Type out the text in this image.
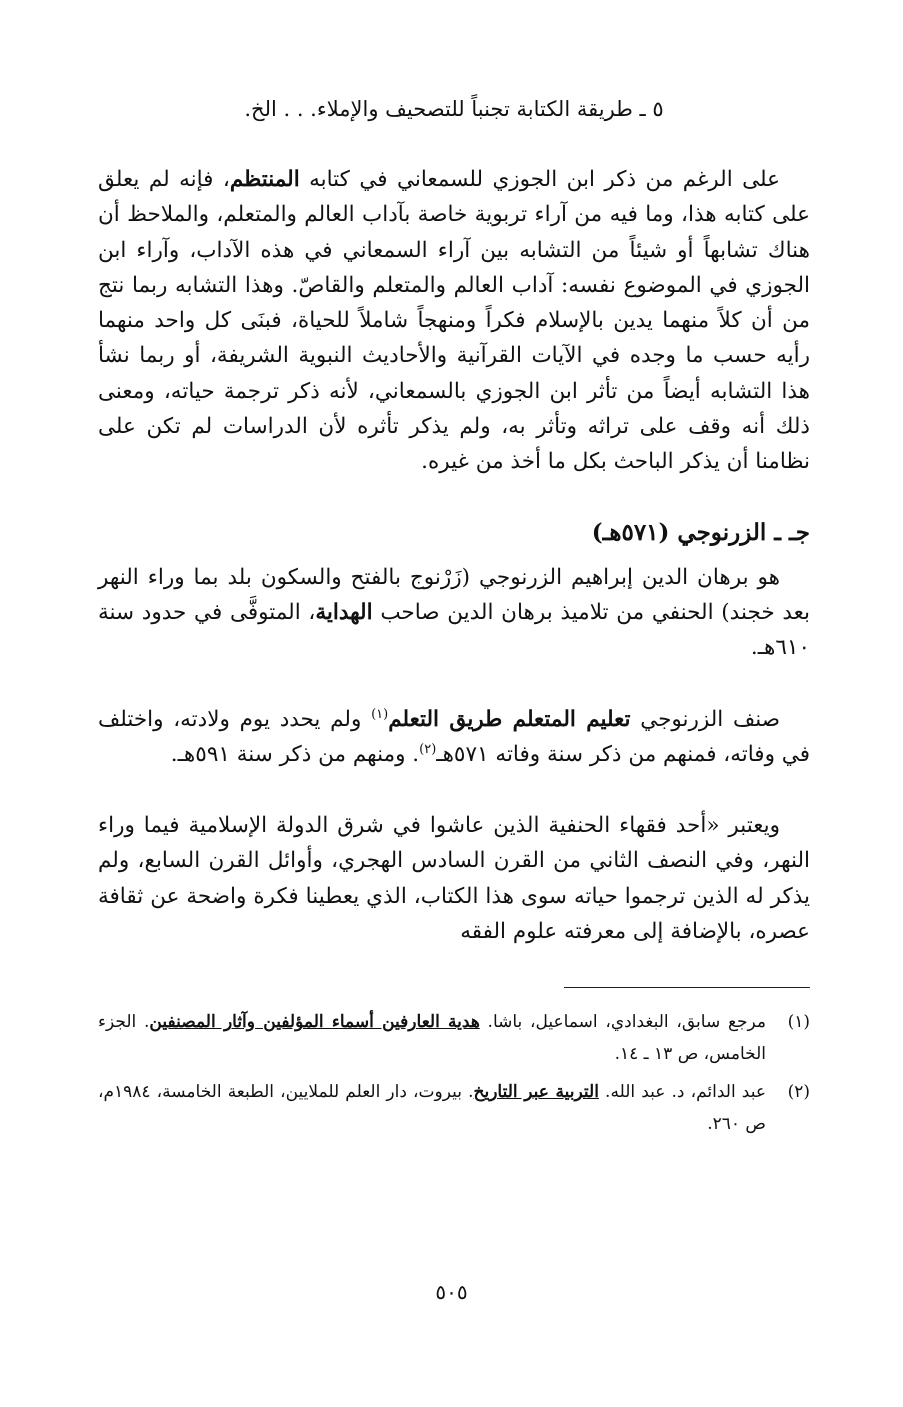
٥ ـ طريقة الكتابة تجنباً للتصحيف والإملاء. . . الخ.

على الرغم من ذكر ابن الجوزي للسمعاني في كتابه المنتظم، فإنه لم يعلق على كتابه هذا، وما فيه من آراء تربوية خاصة بآداب العالم والمتعلم، والملاحظ أن هناك تشابهاً أو شيئاً من التشابه بين آراء السمعاني في هذه الآداب، وآراء ابن الجوزي في الموضوع نفسه: آداب العالم والمتعلم والقاصّ. وهذا التشابه ربما نتج من أن كلاً منهما يدين بالإسلام فكراً ومنهجاً شاملاً للحياة، فبنَى كل واحد منهما رأيه حسب ما وجده في الآيات القرآنية والأحاديث النبوية الشريفة، أو ربما نشأ هذا التشابه أيضاً من تأثر ابن الجوزي بالسمعاني، لأنه ذكر ترجمة حياته، ومعنى ذلك أنه وقف على تراثه وتأثر به، ولم يذكر تأثره لأن الدراسات لم تكن على نظامنا أن يذكر الباحث بكل ما أخذ من غيره.

جـ ـ الزرنوجي (٥٧١هـ)

هو برهان الدين إبراهيم الزرنوجي (زَرْنوج بالفتح والسكون بلد بما وراء النهر بعد خجند) الحنفي من تلاميذ برهان الدين صاحب الهداية، المتوفَّى في حدود سنة ٦١٠هـ.

صنف الزرنوجي تعليم المتعلم طريق التعلم$^{(١)}$ ولم يحدد يوم ولادته، واختلف في وفاته، فمنهم من ذكر سنة وفاته ٥٧١هـ$^{(٢)}$. ومنهم من ذكر سنة ٥٩١هـ.

ويعتبر «أحد فقهاء الحنفية الذين عاشوا في شرق الدولة الإسلامية فيما وراء النهر، وفي النصف الثاني من القرن السادس الهجري، وأوائل القرن السابع، ولم يذكر له الذين ترجموا حياته سوى هذا الكتاب، الذي يعطينا فكرة واضحة عن ثقافة عصره، بالإضافة إلى معرفته علوم الفقه

(١)
مرجع سابق، البغدادي، اسماعيل، باشا. هدية العارفين أسماء المؤلفين وآثار المصنفين. الجزء الخامس، ص ١٣ ـ ١٤.
(٢)
عبد الدائم، د. عبد الله. التربية عبر التاريخ. بيروت، دار العلم للملايين، الطبعة الخامسة، ١٩٨٤م، ص ٢٦٠.
٥٠٥
